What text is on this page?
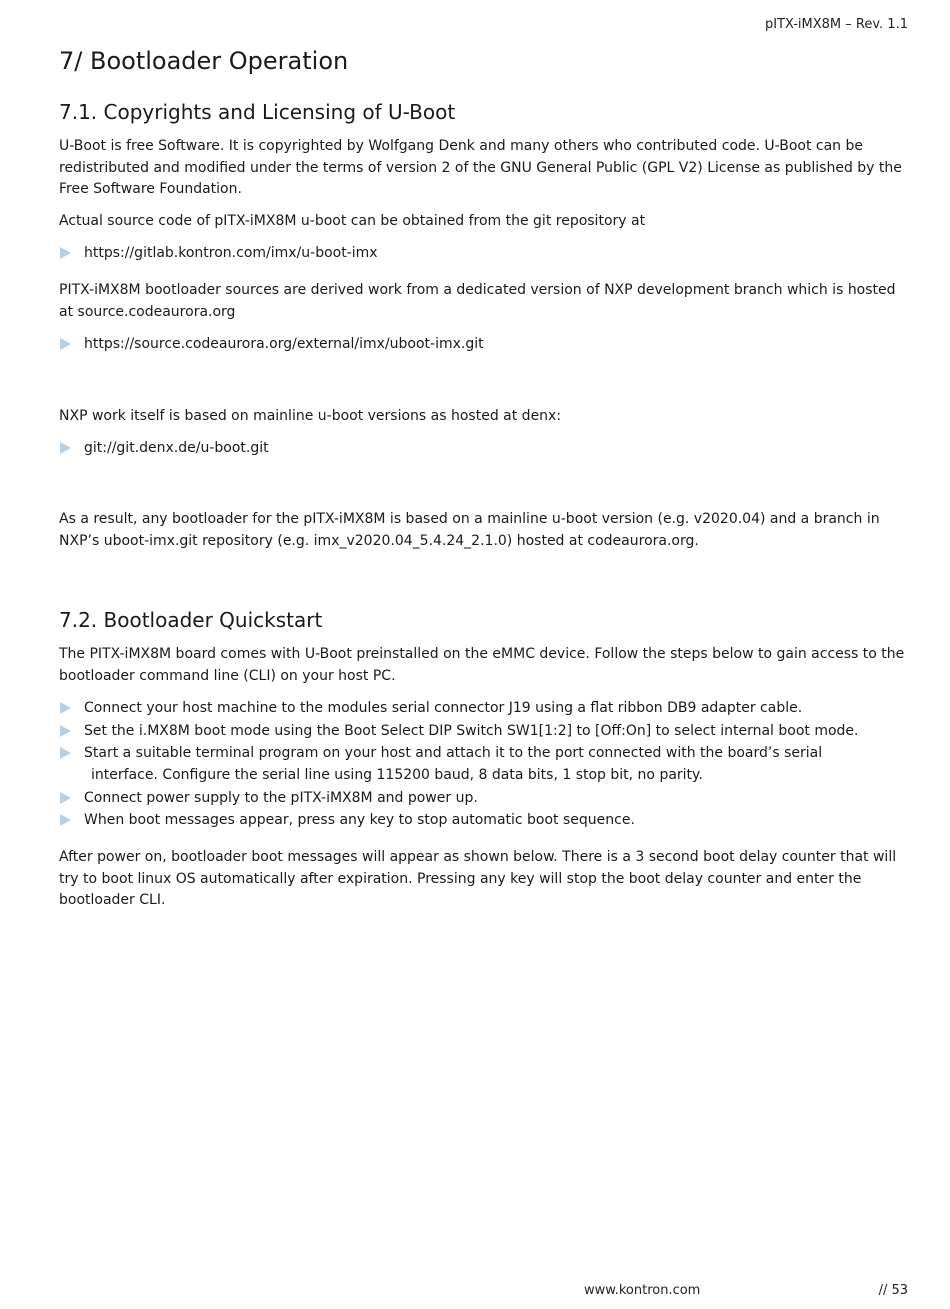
pITX-iMX8M – Rev. 1.1
7/ Bootloader Operation
7.1. Copyrights and Licensing of U-Boot

U-Boot is free Software. It is copyrighted by Wolfgang Denk and many others who contributed code. U-Boot can be redistributed and modified under the terms of version 2 of the GNU General Public (GPL V2) License as published by the Free Software Foundation.

Actual source code of pITX-iMX8M u-boot can be obtained from the git repository at

https://gitlab.kontron.com/imx/u-boot-imx

PITX-iMX8M bootloader sources are derived work from a dedicated version of NXP development branch which is hosted at source.codeaurora.org

https://source.codeaurora.org/external/imx/uboot-imx.git

NXP work itself is based on mainline u-boot versions as hosted at denx:

git://git.denx.de/u-boot.git

As a result, any bootloader for the pITX-iMX8M is based on a mainline u-boot version (e.g. v2020.04) and a branch in NXP’s uboot-imx.git repository (e.g. imx_v2020.04_5.4.24_2.1.0) hosted at codeaurora.org.

7.2. Bootloader Quickstart

The PITX-iMX8M board comes with U-Boot preinstalled on the eMMC device. Follow the steps below to gain access to the bootloader command line (CLI) on your host PC.

Connect your host machine to the modules serial connector J19 using a flat ribbon DB9 adapter cable.
Set the i.MX8M boot mode using the Boot Select DIP Switch SW1[1:2] to [Off:On] to select internal boot mode.
Start a suitable terminal program on your host and attach it to the port connected with the board’s serial
interface. Configure the serial line using 115200 baud, 8 data bits, 1 stop bit, no parity.
Connect power supply to the pITX-iMX8M and power up.
When boot messages appear, press any key to stop automatic boot sequence.

After power on, bootloader boot messages will appear as shown below. There is a 3 second boot delay counter that will try to boot linux OS automatically after expiration. Pressing any key will stop the boot delay counter and enter the bootloader CLI.

www.kontron.com	// 53
